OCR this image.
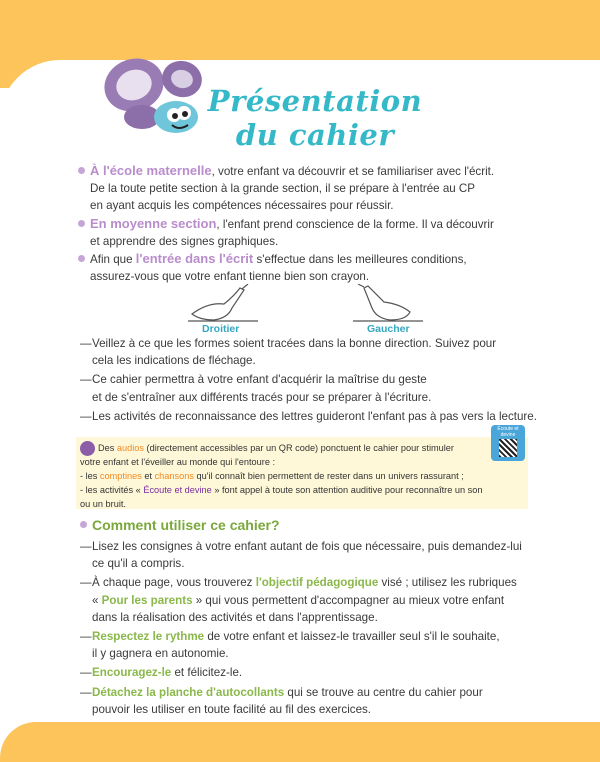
Présentation
du cahier

À l'école maternelle, votre enfant va découvrir et se familiariser avec l'écrit.

De la toute petite section à la grande section, il se prépare à l'entrée au CP

en ayant acquis les compétences nécessaires pour réussir.

En moyenne section, l'enfant prend conscience de la forme. Il va découvrir

et apprendre des signes graphiques.

Afin que l'entrée dans l'écrit s'effectue dans les meilleures conditions,

assurez-vous que votre enfant tienne bien son crayon.

Droitier	Gaucher

— Veillez à ce que les formes soient tracées dans la bonne direction. Suivez pour
cela les indications de fléchage.

— Ce cahier permettra à votre enfant d'acquérir la maîtrise du geste
et de s'entraîner aux différents tracés pour se préparer à l'écriture.

— Les activités de reconnaissance des lettres guideront l'enfant pas à pas vers la lecture.

Des audios (directement accessibles par un QR code) ponctuent le cahier pour stimuler

votre enfant et l'éveiller au monde qui l'entoure :

- les comptines et chansons qu'il connaît bien permettent de rester dans un univers rassurant ;

- les activités « Écoute et devine » font appel à toute son attention auditive pour reconnaître un son

ou un bruit.

Écoute et devine
Comment utiliser ce cahier?

— Lisez les consignes à votre enfant autant de fois que nécessaire, puis demandez-lui
ce qu'il a compris.

— À chaque page, vous trouverez l'objectif pédagogique visé ; utilisez les rubriques
« Pour les parents » qui vous permettent d'accompagner au mieux votre enfant
dans la réalisation des activités et dans l'apprentissage.

— Respectez le rythme de votre enfant et laissez-le travailler seul s'il le souhaite,
il y gagnera en autonomie.

— Encouragez-le et félicitez-le.

— Détachez la planche d'autocollants qui se trouve au centre du cahier pour
pouvoir les utiliser en toute facilité au fil des exercices.
